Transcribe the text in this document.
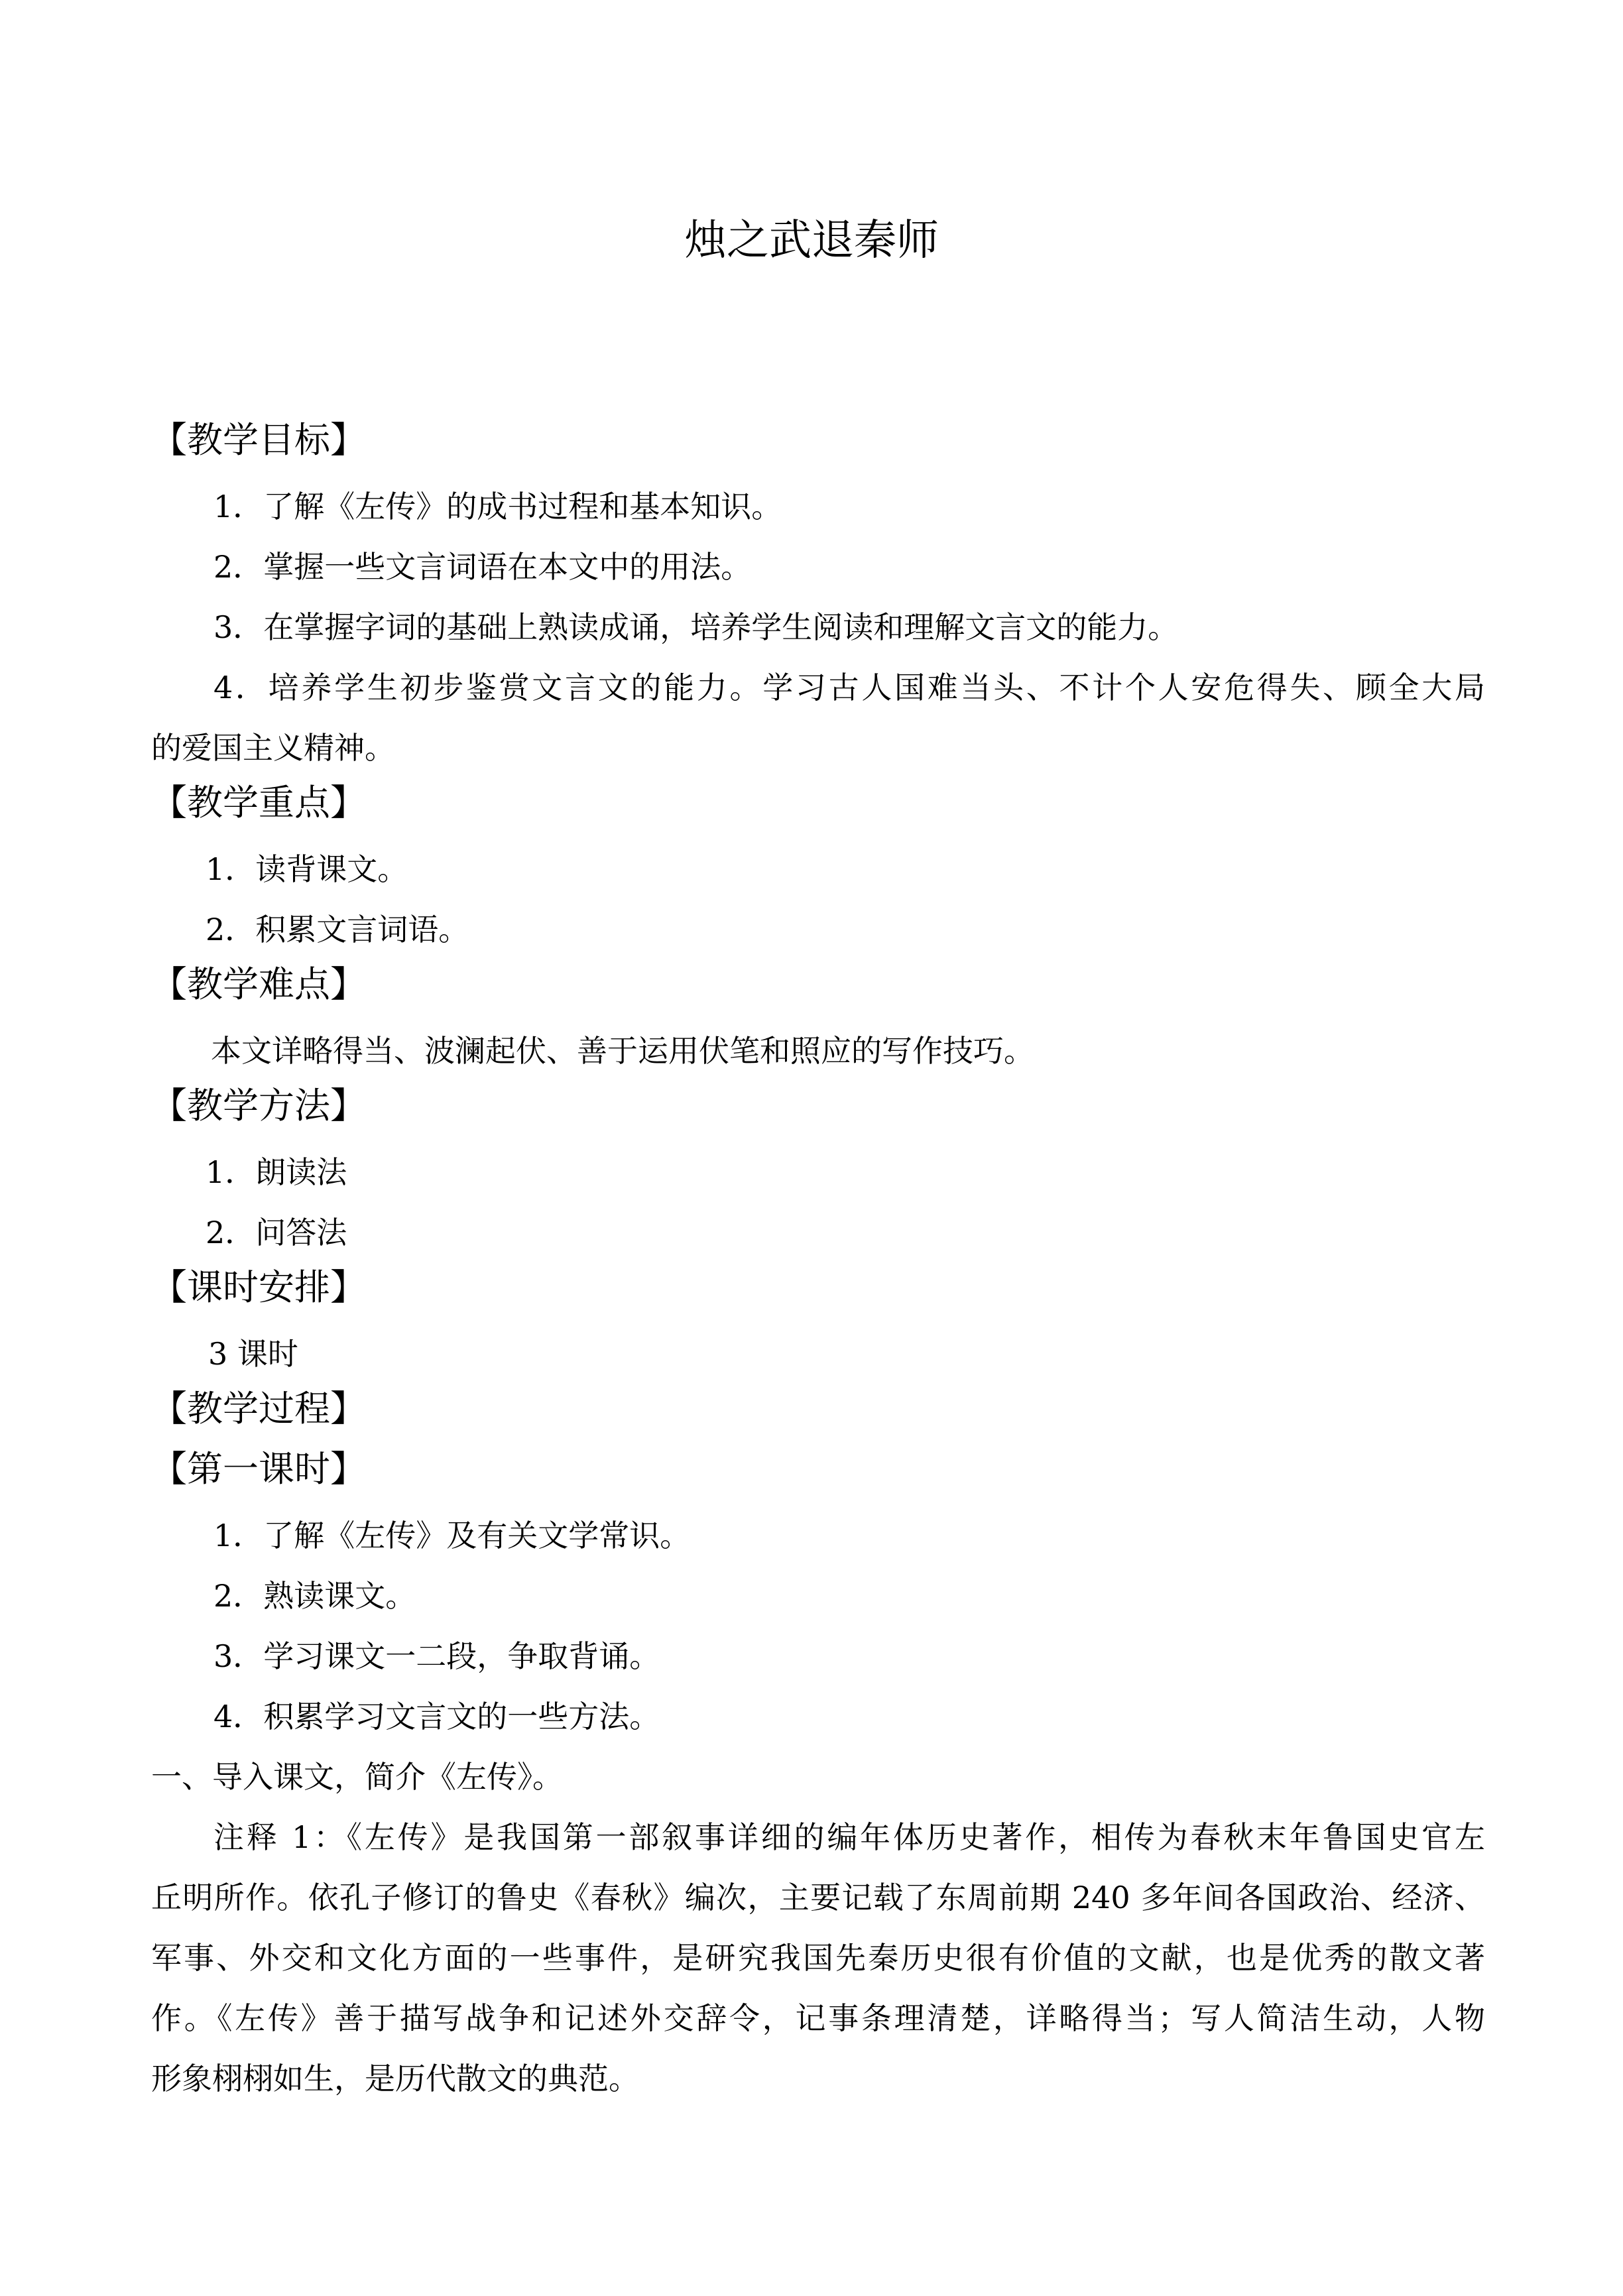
烛之武退秦师
【教学目标】
1．了解《左传》的成书过程和基本知识。
2．掌握一些文言词语在本文中的用法。
3．在掌握字词的基础上熟读成诵，培养学生阅读和理解文言文的能力。
4．培养学生初步鉴赏文言文的能力。学习古人国难当头、不计个人安危得失、顾全大局
的爱国主义精神。
【教学重点】
1．读背课文。
2．积累文言词语。
【教学难点】
本文详略得当、波澜起伏、善于运用伏笔和照应的写作技巧。
【教学方法】
1．朗读法
2．问答法
【课时安排】
3 课时
【教学过程】
【第一课时】
1．了解《左传》及有关文学常识。
2．熟读课文。
3．学习课文一二段，争取背诵。
4．积累学习文言文的一些方法。
一、导入课文，简介《左传》。
注释 1：《左传》是我国第一部叙事详细的编年体历史著作，相传为春秋末年鲁国史官左
丘明所作。依孔子修订的鲁史《春秋》编次，主要记载了东周前期 240 多年间各国政治、经济、
军事、外交和文化方面的一些事件，是研究我国先秦历史很有价值的文献，也是优秀的散文著
作。《左传》善于描写战争和记述外交辞令，记事条理清楚，详略得当；写人简洁生动，人物
形象栩栩如生，是历代散文的典范。
